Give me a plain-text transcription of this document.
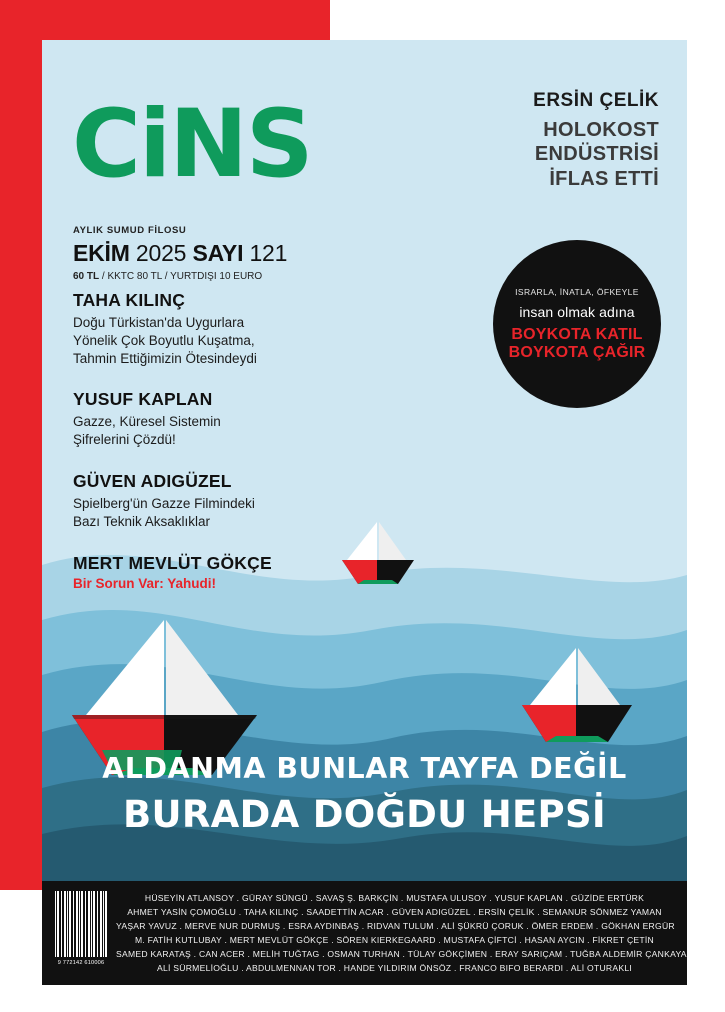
CiNS	ERSİN ÇELİK
HOLOKOST
ENDÜSTRİSİ
İFLAS ETTİ
AYLIK SUMUD FİLOSU
EKİM 2025 SAYI 121
60 TL / KKTC 80 TL / YURTDIŞI 10 EURO
TAHA KILINÇ
Doğu Türkistan'da Uygurlara
Yönelik Çok Boyutlu Kuşatma,
Tahmin Ettiğimizin Ötesindeydi
YUSUF KAPLAN
Gazze, Küresel Sistemin
Şifrelerini Çözdü!
GÜVEN ADIGÜZEL
Spielberg'ün Gazze Filmindeki
Bazı Teknik Aksaklıklar
MERT MEVLÜT GÖKÇE
Bir Sorun Var: Yahudi!
ISRARLA, İNATLA, ÖFKEYLE
insan olmak adına
BOYKOTA KATIL
BOYKOTA ÇAĞIR
ALDANMA BUNLAR TAYFA DEĞİL
BURADA DOĞDU HEPSİ
HÜSEYİN ATLANSOY . GÜRAY SÜNGÜ . SAVAŞ Ş. BARKÇİN . MUSTAFA ULUSOY . YUSUF KAPLAN . GÜZİDE ERTÜRK
AHMET YASİN ÇOMOĞLU . TAHA KILINÇ . SAADETTİN ACAR . GÜVEN ADIGÜZEL . ERSİN ÇELİK . SEMANUR SÖNMEZ YAMAN
YAŞAR YAVUZ . MERVE NUR DURMUŞ . ESRA AYDINBAŞ . RIDVAN TULUM . ALİ ŞÜKRÜ ÇORUK . ÖMER ERDEM . GÖKHAN ERGÜR
M. FATİH KUTLUBAY . MERT MEVLÜT GÖKÇE . SÖREN KIERKEGAARD . MUSTAFA ÇİFTCİ . HASAN AYCIN . FİKRET ÇETİN
SAMED KARATAŞ . CAN ACER . MELİH TUĞTAG . OSMAN TURHAN . TÜLAY GÖKÇİMEN . ERAY SARIÇAM . TUĞBA ALDEMİR ÇANKAYA
ALİ SÜRMELİOĞLU . ABDULMENNAN TOR . HANDE YILDIRIM ÖNSÖZ . FRANCO BIFO BERARDI . ALİ OTURAKLI
9 772142 610006
